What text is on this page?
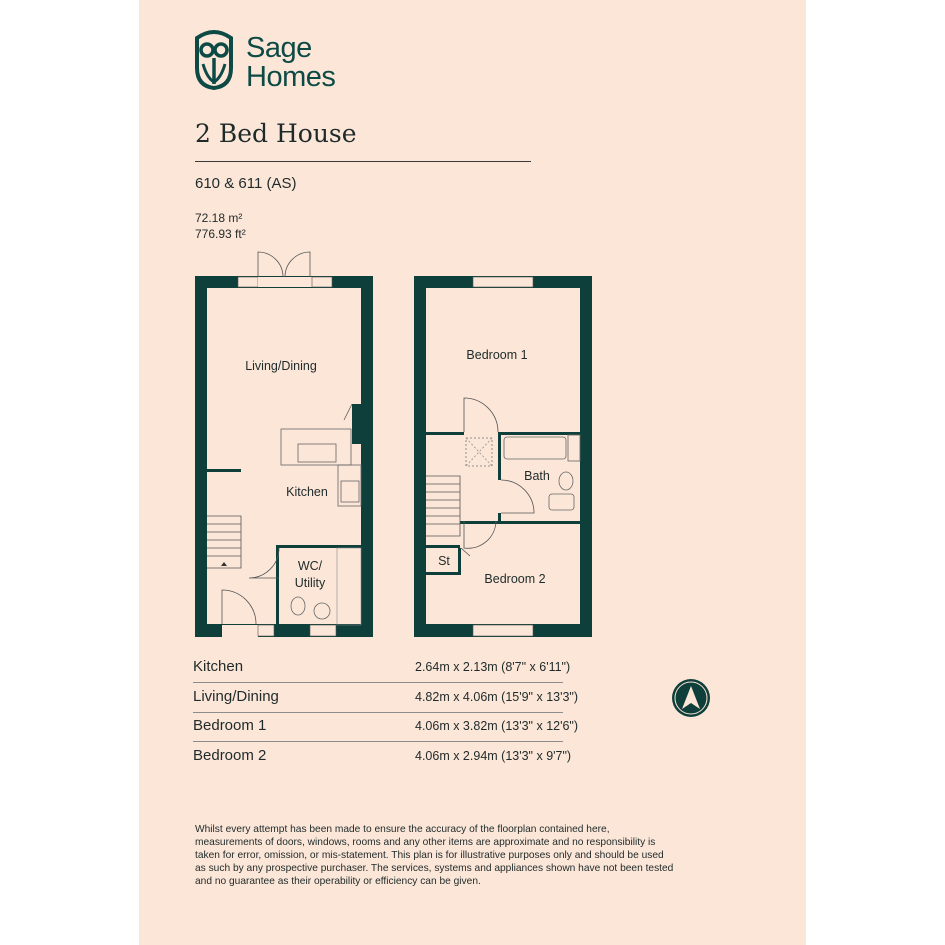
Sage
Homes
2 Bed House
610 & 611 (AS)
72.18 m²
776.93 ft²
Living/Dining
Kitchen
WC/
Utility
Bedroom 1
Bath
St
Bedroom 2
Kitchen	2.64m x 2.13m (8'7" x 6'11")
Living/Dining	4.82m x 4.06m (15'9" x 13'3")
Bedroom 1	4.06m x 3.82m (13'3" x 12'6")
Bedroom 2	4.06m x 2.94m (13'3" x 9'7")
Whilst every attempt has been made to ensure the accuracy of the floorplan contained here,
measurements of doors, windows, rooms and any other items are approximate and no responsibility is
taken for error, omission, or mis-statement. This plan is for illustrative purposes only and should be used
as such by any prospective purchaser. The services, systems and appliances shown have not been tested
and no guarantee as their operability or efficiency can be given.
